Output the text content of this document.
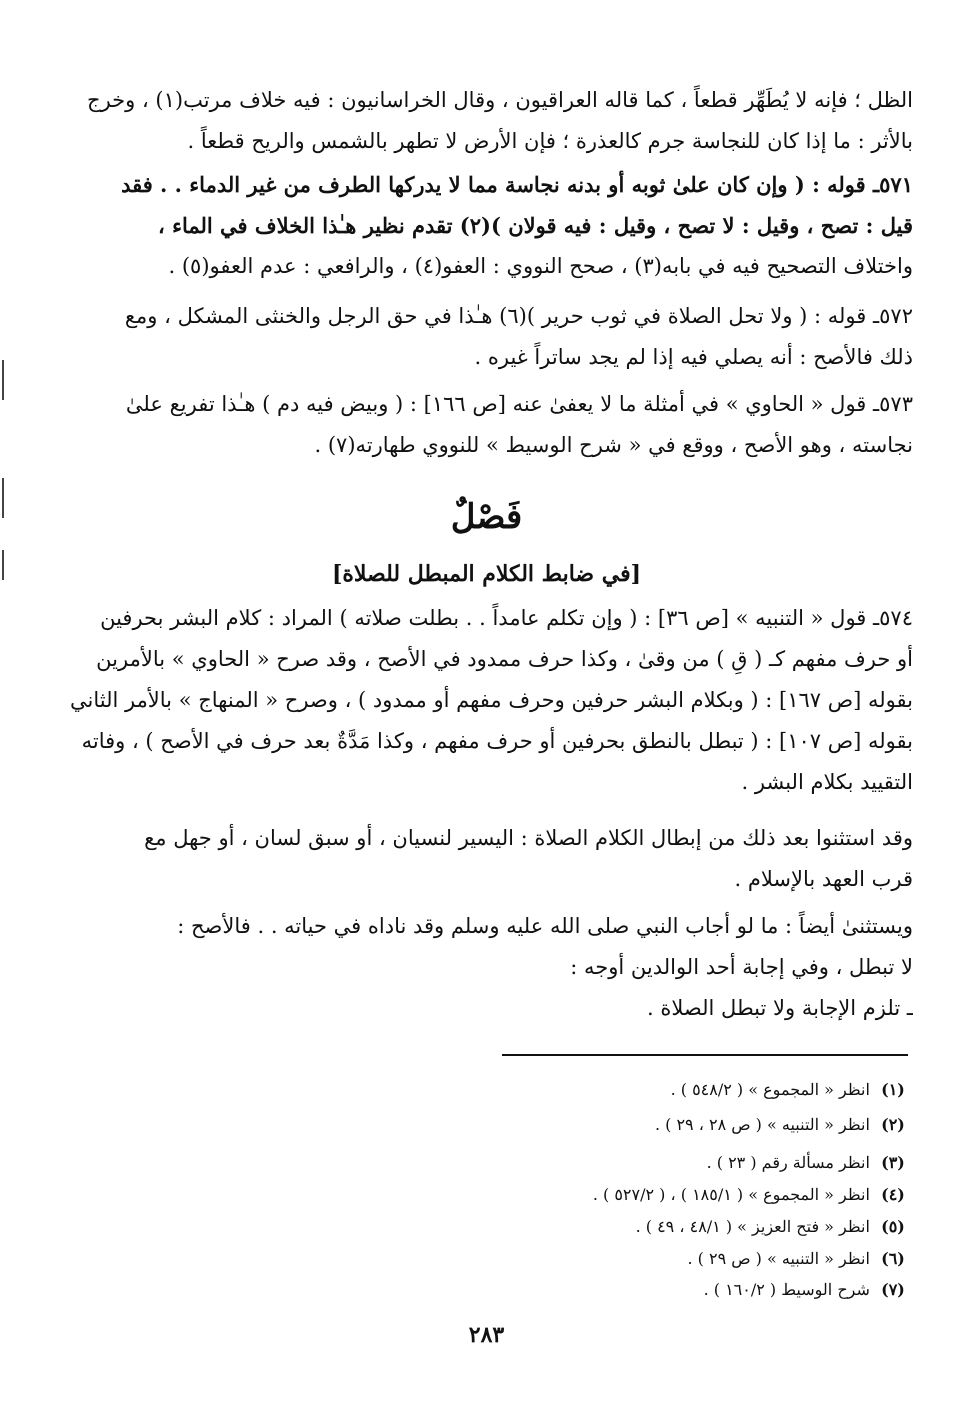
الظل ؛ فإنه لا يُطَهِّر قطعاً ، كما قاله العراقيون ، وقال الخراسانيون : فيه خلاف مرتب(١) ، وخرج
بالأثر : ما إذا كان للنجاسة جرم كالعذرة ؛ فإن الأرض لا تطهر بالشمس والريح قطعاً .
٥٧١ـ قوله : ( وإن كان علىٰ ثوبه أو بدنه نجاسة مما لا يدركها الطرف من غير الدماء . . فقد
قيل : تصح ، وقيل : لا تصح ، وقيل : فيه قولان )(٢) تقدم نظير هـٰذا الخلاف في الماء ،
واختلاف التصحيح فيه في بابه(٣) ، صحح النووي : العفو(٤) ، والرافعي : عدم العفو(٥) .
٥٧٢ـ قوله : ( ولا تحل الصلاة في ثوب حرير )(٦) هـٰذا في حق الرجل والخنثى المشكل ، ومع
ذلك فالأصح : أنه يصلي فيه إذا لم يجد ساتراً غيره .
٥٧٣ـ قول « الحاوي » في أمثلة ما لا يعفىٰ عنه [ص ١٦٦] : ( وبيض فيه دم ) هـٰذا تفريع علىٰ
نجاسته ، وهو الأصح ، ووقع في « شرح الوسيط » للنووي طهارته(٧) .
فَصْلٌ
[في ضابط الكلام المبطل للصلاة]
٥٧٤ـ قول « التنبيه » [ص ٣٦] : ( وإن تكلم عامداً . . بطلت صلاته ) المراد : كلام البشر بحرفين
أو حرف مفهم كـ ( قِ ) من وقىٰ ، وكذا حرف ممدود في الأصح ، وقد صرح « الحاوي » بالأمرين
بقوله [ص ١٦٧] : ( وبكلام البشر حرفين وحرف مفهم أو ممدود ) ، وصرح « المنهاج » بالأمر الثاني
بقوله [ص ١٠٧] : ( تبطل بالنطق بحرفين أو حرف مفهم ، وكذا مَدَّةٌ بعد حرف في الأصح ) ، وفاته
التقييد بكلام البشر .
وقد استثنوا بعد ذلك من إبطال الكلام الصلاة : اليسير لنسيان ، أو سبق لسان ، أو جهل مع
قرب العهد بالإسلام .
ويستثنىٰ أيضاً : ما لو أجاب النبي صلى الله عليه وسلم وقد ناداه في حياته . . فالأصح :
لا تبطل ، وفي إجابة أحد الوالدين أوجه :
ـ تلزم الإجابة ولا تبطل الصلاة .
(١) انظر « المجموع » ( ٥٤٨/٢ ) .
(٢) انظر « التنبيه » ( ص ٢٨ ، ٢٩ ) .
(٣) انظر مسألة رقم ( ٢٣ ) .
(٤) انظر « المجموع » ( ١٨٥/١ ) ، ( ٥٢٧/٢ ) .
(٥) انظر « فتح العزيز » ( ٤٨/١ ، ٤٩ ) .
(٦) انظر « التنبيه » ( ص ٢٩ ) .
(٧) شرح الوسيط ( ١٦٠/٢ ) .
٢٨٣
